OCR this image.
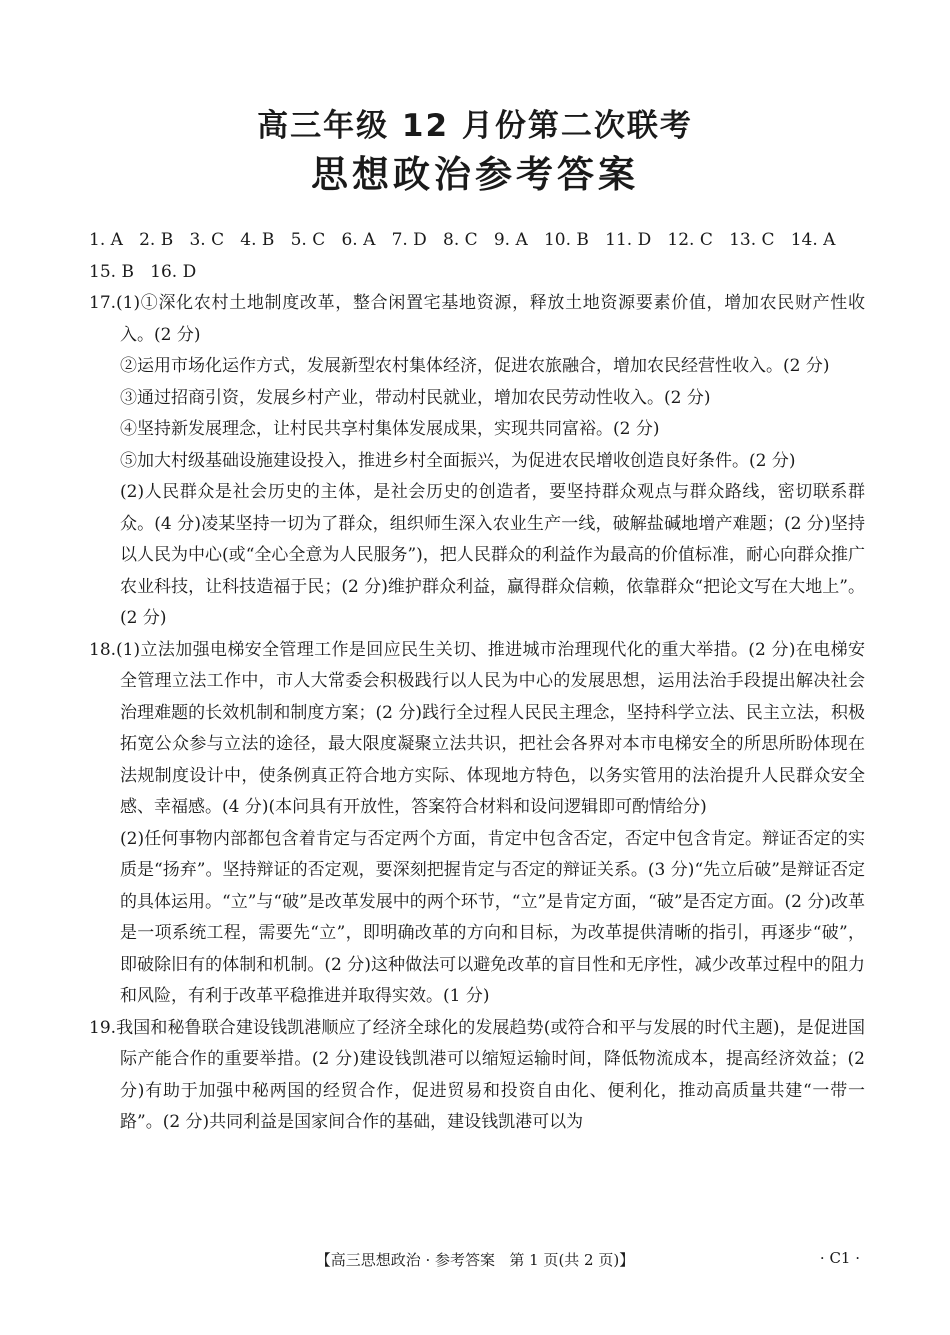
高三年级 12 月份第二次联考
思想政治参考答案

1. A   2. B   3. C   4. B   5. C   6. A   7. D   8. C   9. A   10. B   11. D   12. C   13. C   14. A

15. B   16. D

17.(1)①深化农村土地制度改革，整合闲置宅基地资源，释放土地资源要素价值，增加农民财产性收入。(2 分)

②运用市场化运作方式，发展新型农村集体经济，促进农旅融合，增加农民经营性收入。(2 分)

③通过招商引资，发展乡村产业，带动村民就业，增加农民劳动性收入。(2 分)

④坚持新发展理念，让村民共享村集体发展成果，实现共同富裕。(2 分)

⑤加大村级基础设施建设投入，推进乡村全面振兴，为促进农民增收创造良好条件。(2 分)

(2)人民群众是社会历史的主体，是社会历史的创造者，要坚持群众观点与群众路线，密切联系群众。(4 分)凌某坚持一切为了群众，组织师生深入农业生产一线，破解盐碱地增产难题；(2 分)坚持以人民为中心(或“全心全意为人民服务”)，把人民群众的利益作为最高的价值标准，耐心向群众推广农业科技，让科技造福于民；(2 分)维护群众利益，赢得群众信赖，依靠群众“把论文写在大地上”。(2 分)

18.(1)立法加强电梯安全管理工作是回应民生关切、推进城市治理现代化的重大举措。(2 分)在电梯安全管理立法工作中，市人大常委会积极践行以人民为中心的发展思想，运用法治手段提出解决社会治理难题的长效机制和制度方案；(2 分)践行全过程人民民主理念，坚持科学立法、民主立法，积极拓宽公众参与立法的途径，最大限度凝聚立法共识，把社会各界对本市电梯安全的所思所盼体现在法规制度设计中，使条例真正符合地方实际、体现地方特色，以务实管用的法治提升人民群众安全感、幸福感。(4 分)(本问具有开放性，答案符合材料和设问逻辑即可酌情给分)

(2)任何事物内部都包含着肯定与否定两个方面，肯定中包含否定，否定中包含肯定。辩证否定的实质是“扬弃”。坚持辩证的否定观，要深刻把握肯定与否定的辩证关系。(3 分)“先立后破”是辩证否定的具体运用。“立”与“破”是改革发展中的两个环节，“立”是肯定方面，“破”是否定方面。(2 分)改革是一项系统工程，需要先“立”，即明确改革的方向和目标，为改革提供清晰的指引，再逐步“破”，即破除旧有的体制和机制。(2 分)这种做法可以避免改革的盲目性和无序性，减少改革过程中的阻力和风险，有利于改革平稳推进并取得实效。(1 分)

19.我国和秘鲁联合建设钱凯港顺应了经济全球化的发展趋势(或符合和平与发展的时代主题)，是促进国际产能合作的重要举措。(2 分)建设钱凯港可以缩短运输时间，降低物流成本，提高经济效益；(2 分)有助于加强中秘两国的经贸合作，促进贸易和投资自由化、便利化，推动高质量共建“一带一路”。(2 分)共同利益是国家间合作的基础，建设钱凯港可以为

【高三思想政治 · 参考答案   第 1 页(共 2 页)】	· C1 ·
